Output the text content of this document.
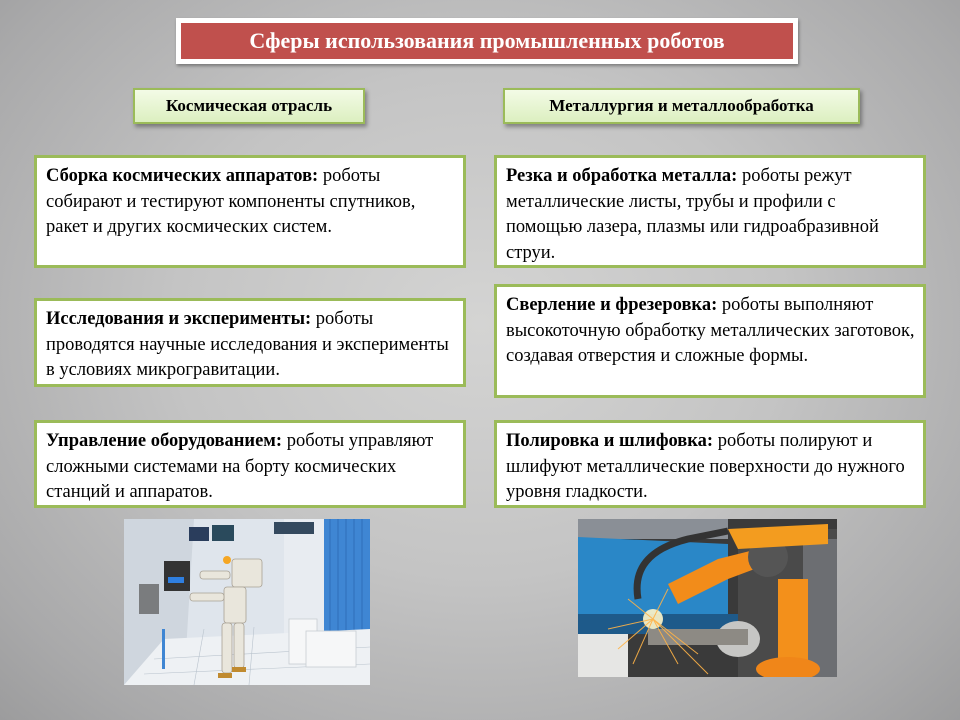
Сферы использования промышленных роботов
Космическая отрасль
Сборка космических аппаратов: роботы собирают и тестируют компоненты спутников, ракет и других космических систем.
Исследования и эксперименты: роботы проводятся научные исследования и эксперименты в условиях микрогравитации.
Управление оборудованием: роботы управляют сложными системами на борту космических станций и аппаратов.
Металлургия и металлообработка
Резка и обработка металла: роботы режут металлические листы, трубы и профили с помощью лазера, плазмы или гидроабразивной струи.
Сверление и фрезеровка: роботы выполняют высокоточную обработку металлических заготовок, создавая отверстия и сложные формы.
Полировка и шлифовка: роботы полируют и шлифуют металлические поверхности до нужного уровня гладкости.
